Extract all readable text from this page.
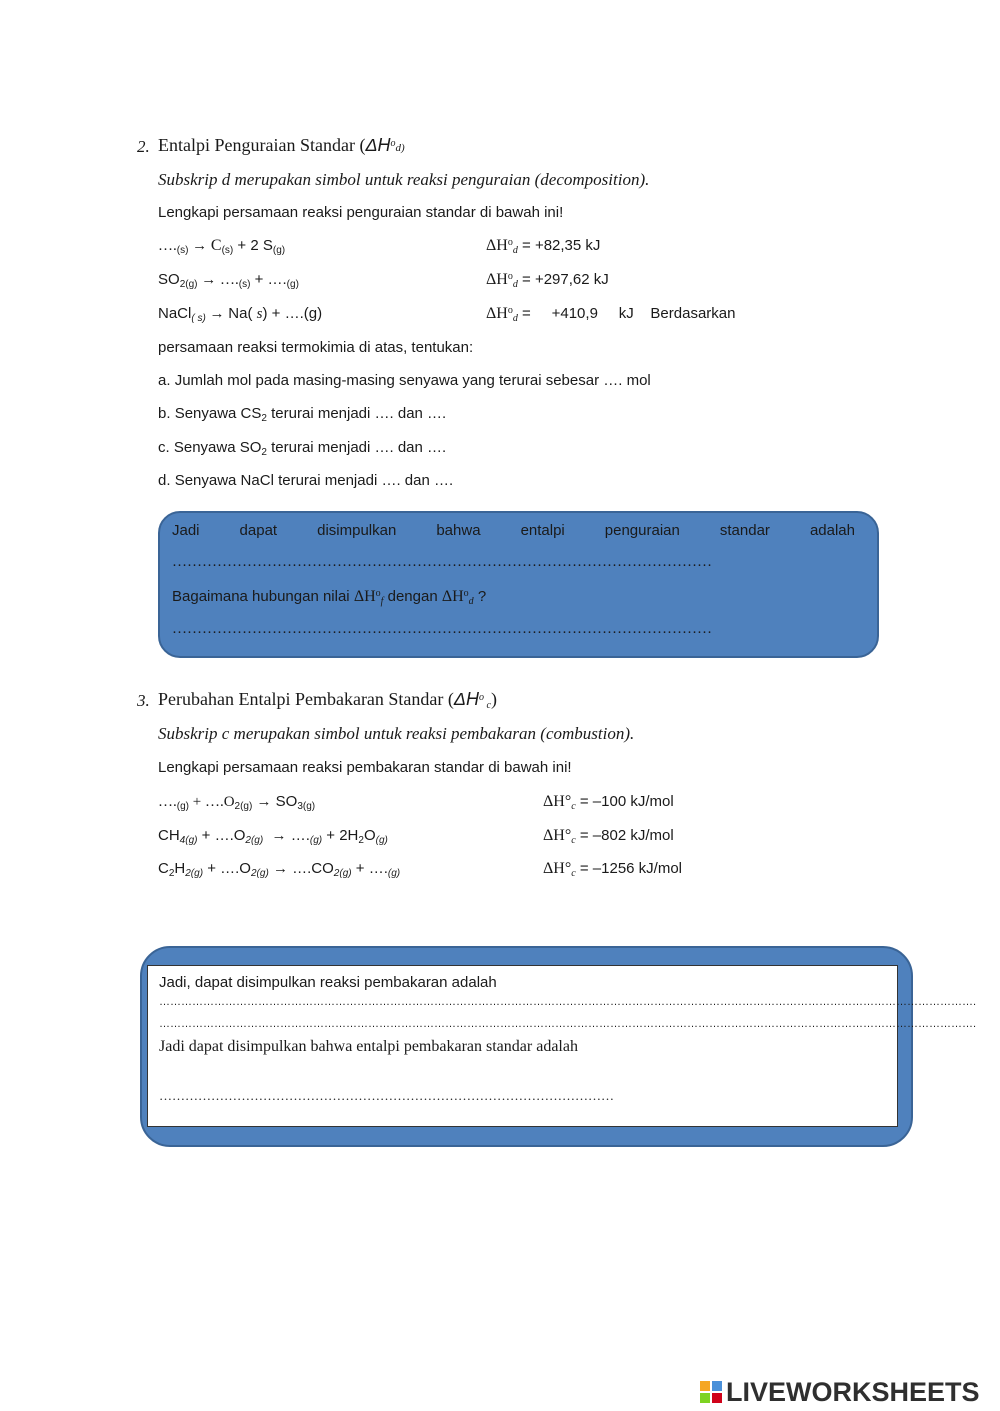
2. Entalpi Penguraian Standar $(\Delta H^od)$
Subskrip d merupakan simbol untuk reaksi penguraian (decomposition).
Lengkapi persamaan reaksi penguraian standar di bawah ini!
$\dots._{(s)} \to C_{(s)} + 2$ $S_{(g)}$	$\Delta H^o_d = +82,35$ kJ
$SO_{2(g)}$ → $\dots._{(s)}$ + $\dots._{(g)}$	$\Delta H^o_d = +297,62$ kJ
NaCl$_{( s)}$ → Na( s) + ….(g)	$\Delta H^o_d$ =     +410,9     kJ    Berdasarkan
persamaan reaksi termokimia di atas, tentukan:
a. Jumlah mol pada masing-masing senyawa yang terurai sebesar …. mol
b. Senyawa $CS_2$ terurai menjadi …. dan ….
c. Senyawa $SO_2$ terurai menjadi …. dan ….
d. Senyawa NaCl terurai menjadi …. dan ….
Jadi	dapat	disimpulkan	bahwa	entalpi	penguraian	standar	adalah
………………………………………………………………………………………………
Bagaimana hubungan nilai $\Delta H^o_f$ dengan $\Delta H^o_d$ ?
………………………………………………………………………………………………
3. Perubahan Entalpi Pembakaran Standar ($\Delta H^o$ $_c$)
Subskrip c merupakan simbol untuk reaksi pembakaran (combustion).
Lengkapi persamaan reaksi pembakaran standar di bawah ini!
$\dots._{(g)}$ + $\dots.O_{2(g)} \to SO_{3(g)}$	$\Delta H^\circ_c = -100$ kJ/mol
$CH_{4(g)}$ + $\dots.O_{2(g)}$  → $\dots._{(g)} + 2H_2O_{(g)}$	$\Delta H^\circ_c = -802$ kJ/mol
$C_2H_{2(g)}$ + $\dots.O_{2(g)}$ → $\dots.CO_{2(g)}$ + $\dots._{(g)}$	$\Delta H^\circ_c = -1256$ kJ/mol
Jadi, dapat disimpulkan reaksi pembakaran adalah
…………………………………………………………………………………………………………………………………………………………………………………………………….
…………………………………………………………………………………………………………………………………………………………………………………………………….
Jadi dapat disimpulkan bahwa entalpi pembakaran standar adalah
……………………………………………………………………………………………
LIVEWORKSHEETS
